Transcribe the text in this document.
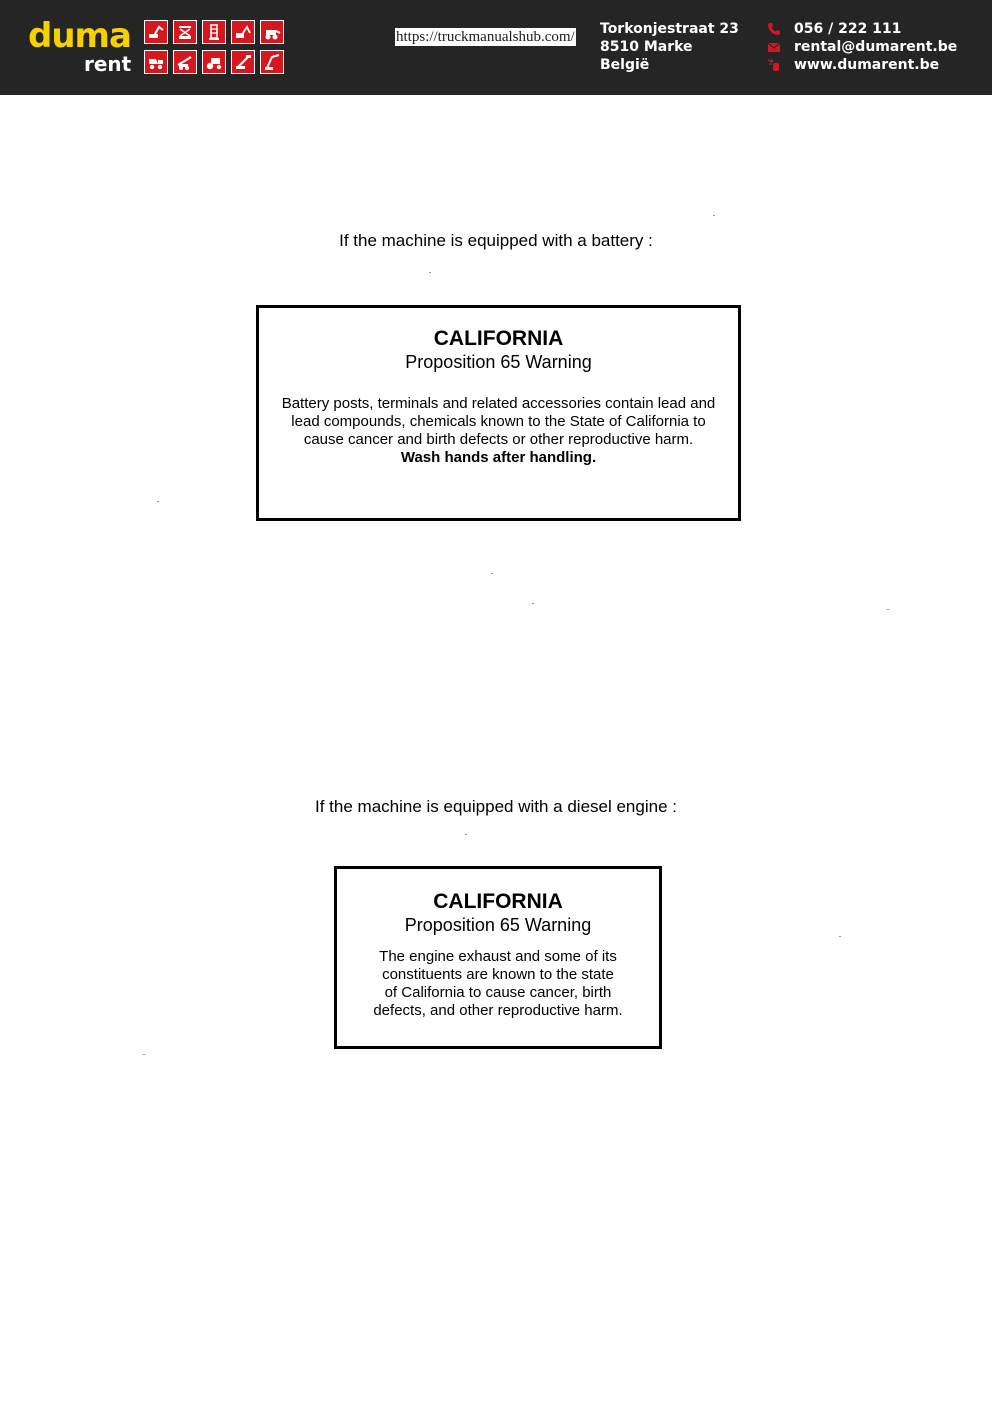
duma
rent
https://truckmanualshub.com/ Torkonjestraat 23
8510 Marke
België
056 / 222 111
rental@dumarent.be
www.dumarent.be
If the machine is equipped with a battery :
CALIFORNIA
Proposition 65 Warning
Battery posts, terminals and related accessories contain lead and
lead compounds, chemicals known to the State of California to
cause cancer and birth defects or other reproductive harm.
Wash hands after handling.
If the machine is equipped with a diesel engine :
CALIFORNIA
Proposition 65 Warning
The engine exhaust and some of its
constituents are known to the state
of California to cause cancer, birth
defects, and other reproductive harm.
